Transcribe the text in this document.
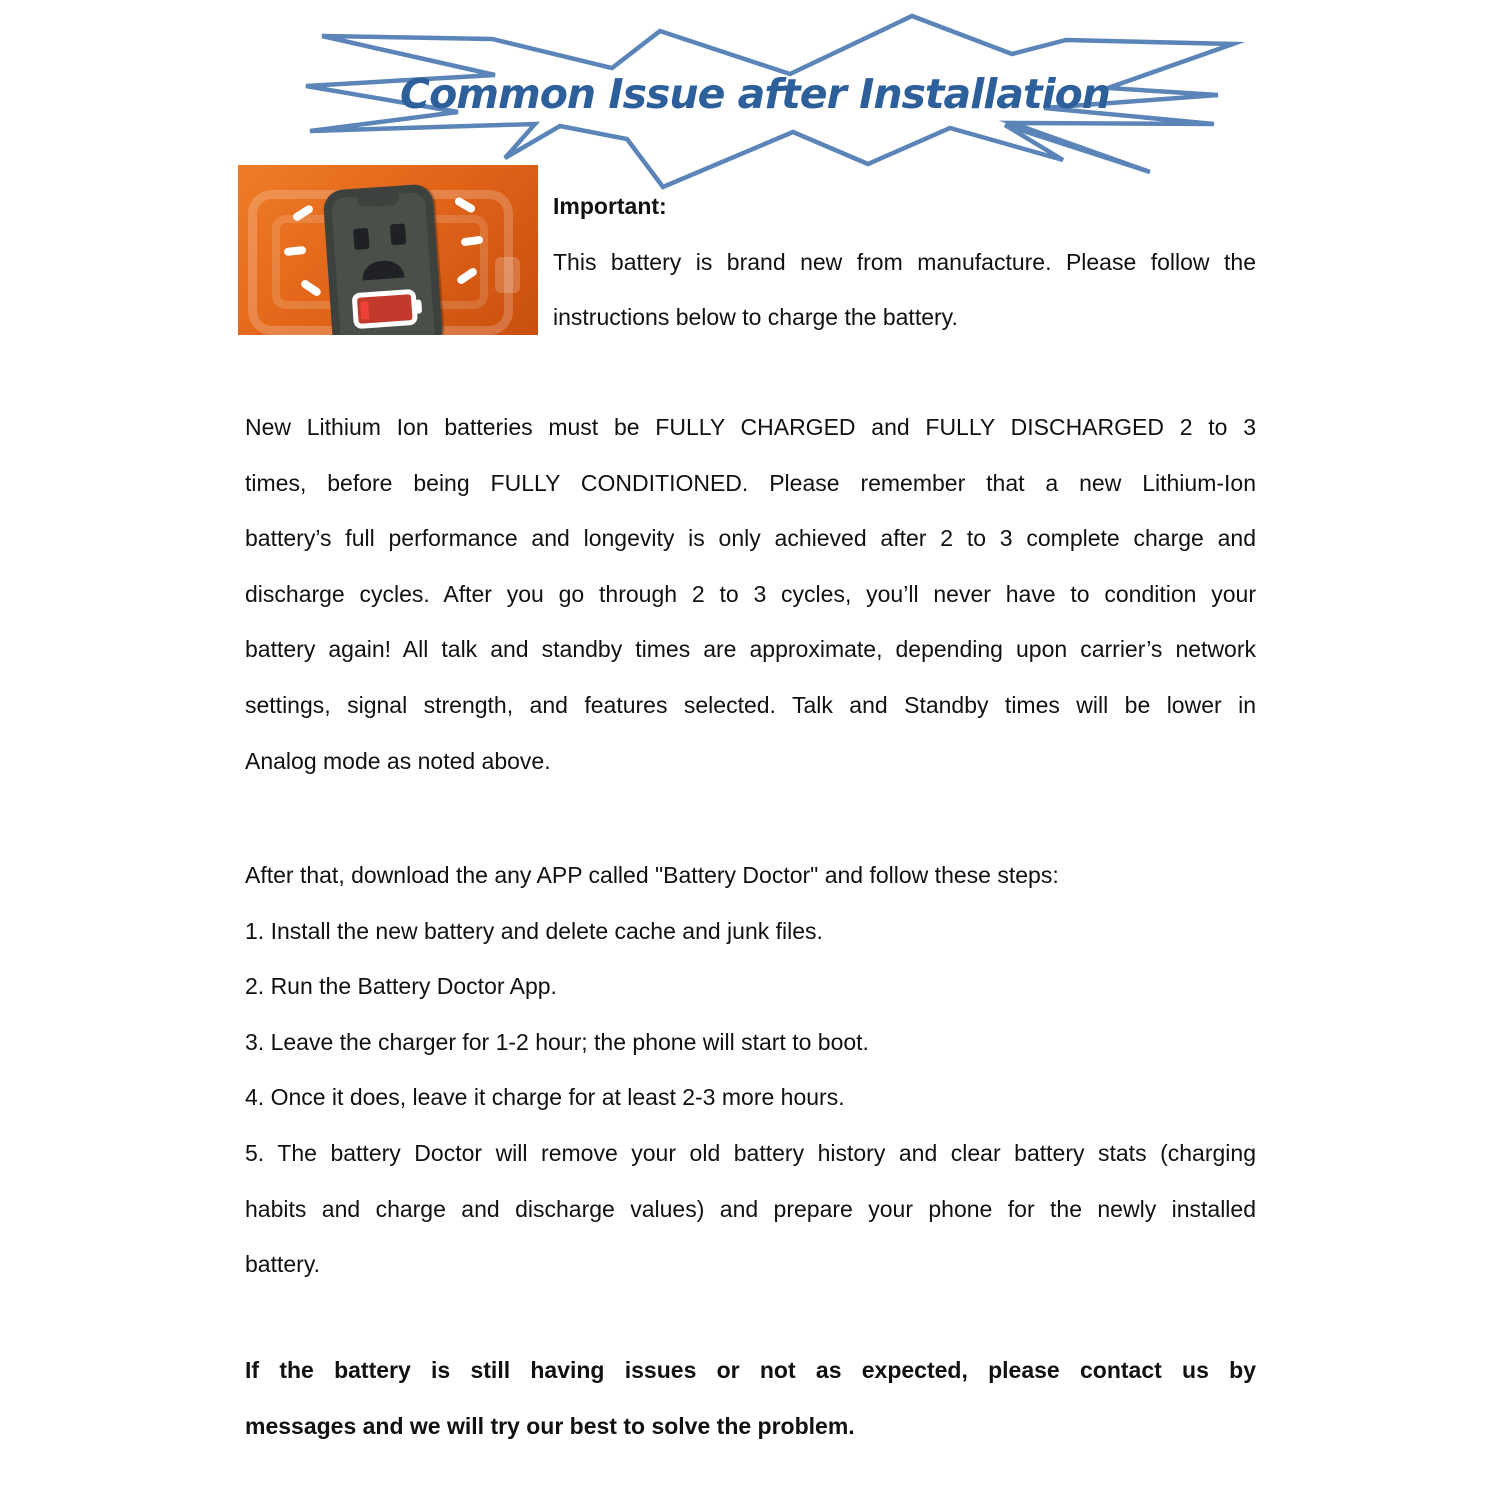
Common Issue after Installation
Important:
This battery is brand new from manufacture. Please follow the
instructions below to charge the battery.
New Lithium Ion batteries must be FULLY CHARGED and FULLY DISCHARGED 2 to 3
times, before being FULLY CONDITIONED. Please remember that a new Lithium-Ion
battery’s full performance and longevity is only achieved after 2 to 3 complete charge and
discharge cycles. After you go through 2 to 3 cycles, you’ll never have to condition your
battery again! All talk and standby times are approximate, depending upon carrier’s network
settings, signal strength, and features selected. Talk and Standby times will be lower in
Analog mode as noted above.
After that, download the any APP called "Battery Doctor" and follow these steps:
1. Install the new battery and delete cache and junk files.
2. Run the Battery Doctor App.
3. Leave the charger for 1-2 hour; the phone will start to boot.
4. Once it does, leave it charge for at least 2-3 more hours.
5. The battery Doctor will remove your old battery history and clear battery stats (charging
habits and charge and discharge values) and prepare your phone for the newly installed
battery.
If the battery is still having issues or not as expected, please contact us by
messages and we will try our best to solve the problem.
